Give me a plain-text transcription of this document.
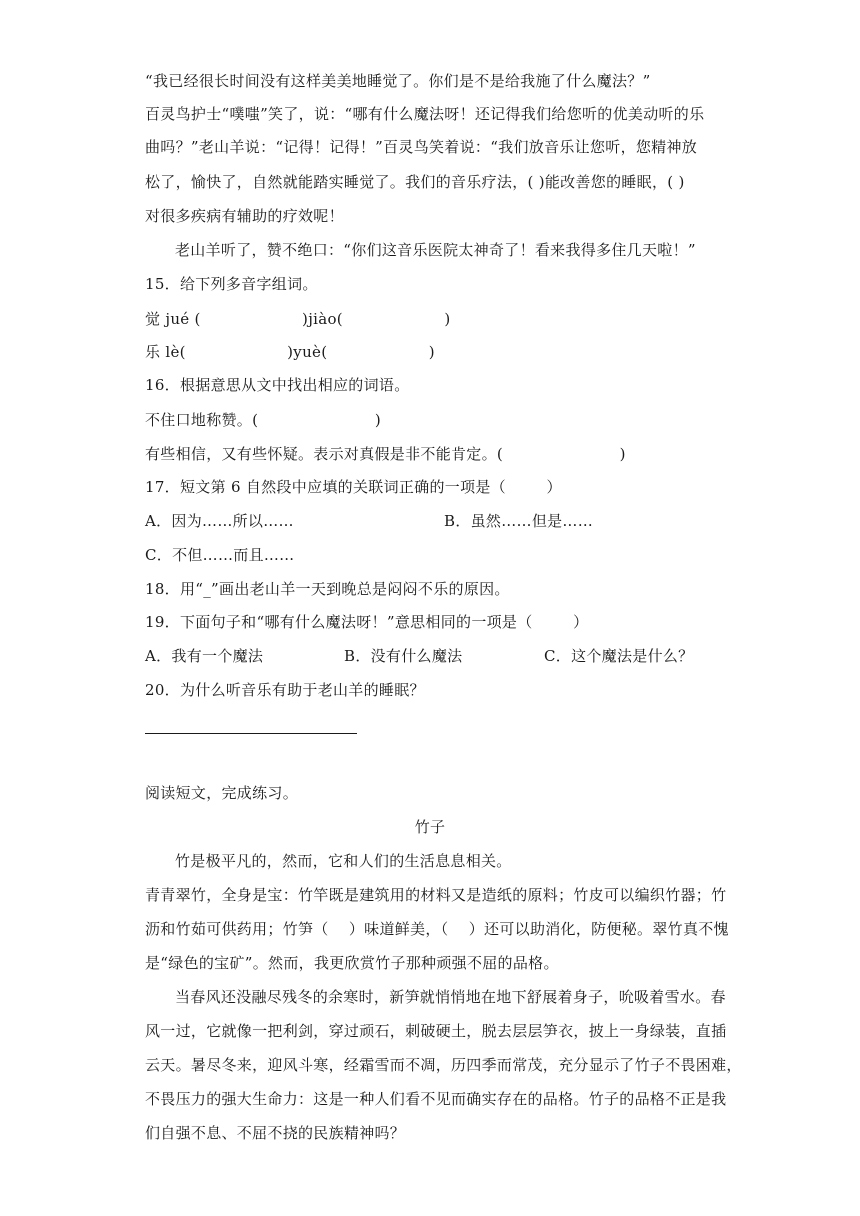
“我已经很长时间没有这样美美地睡觉了。你们是不是给我施了什么魔法？”
百灵鸟护士“噗嗤”笑了，说：“哪有什么魔法呀！还记得我们给您听的优美动听的乐
曲吗？”老山羊说：“记得！记得！”百灵鸟笑着说：“我们放音乐让您听，您精神放
松了，愉快了，自然就能踏实睡觉了。我们的音乐疗法，( )能改善您的睡眠，( )
对很多疾病有辅助的疗效呢！
老山羊听了，赞不绝口：“你们这音乐医院太神奇了！看来我得多住几天啦！”
15．给下列多音字组词。
觉 jué (                    )jiào(                    )
乐 lè(                    )yuè(                    )
16．根据意思从文中找出相应的词语。
不住口地称赞。(                       )
有些相信，又有些怀疑。表示对真假是非不能肯定。(                       )
17．短文第 6 自然段中应填的关联词正确的一项是（        ）
A．因为……所以……	B．虽然……但是……
C．不但……而且……
18．用“_”画出老山羊一天到晚总是闷闷不乐的原因。
19．下面句子和“哪有什么魔法呀！”意思相同的一项是（        ）
A．我有一个魔法	B．没有什么魔法	C．这个魔法是什么？
20．为什么听音乐有助于老山羊的睡眠？
阅读短文，完成练习。
竹子
竹是极平凡的，然而，它和人们的生活息息相关。
青青翠竹，全身是宝：竹竿既是建筑用的材料又是造纸的原料；竹皮可以编织竹器；竹
沥和竹茹可供药用；竹笋（    ）味道鲜美，（    ）还可以助消化，防便秘。翠竹真不愧
是“绿色的宝矿”。然而，我更欣赏竹子那种顽强不屈的品格。
当春风还没融尽残冬的余寒时，新笋就悄悄地在地下舒展着身子，吮吸着雪水。春
风一过，它就像一把利剑，穿过顽石，刺破硬土，脱去层层笋衣，披上一身绿装，直插
云天。暑尽冬来，迎风斗寒，经霜雪而不凋，历四季而常茂，充分显示了竹子不畏困难，
不畏压力的强大生命力：这是一种人们看不见而确实存在的品格。竹子的品格不正是我
们自强不息、不屈不挠的民族精神吗？
